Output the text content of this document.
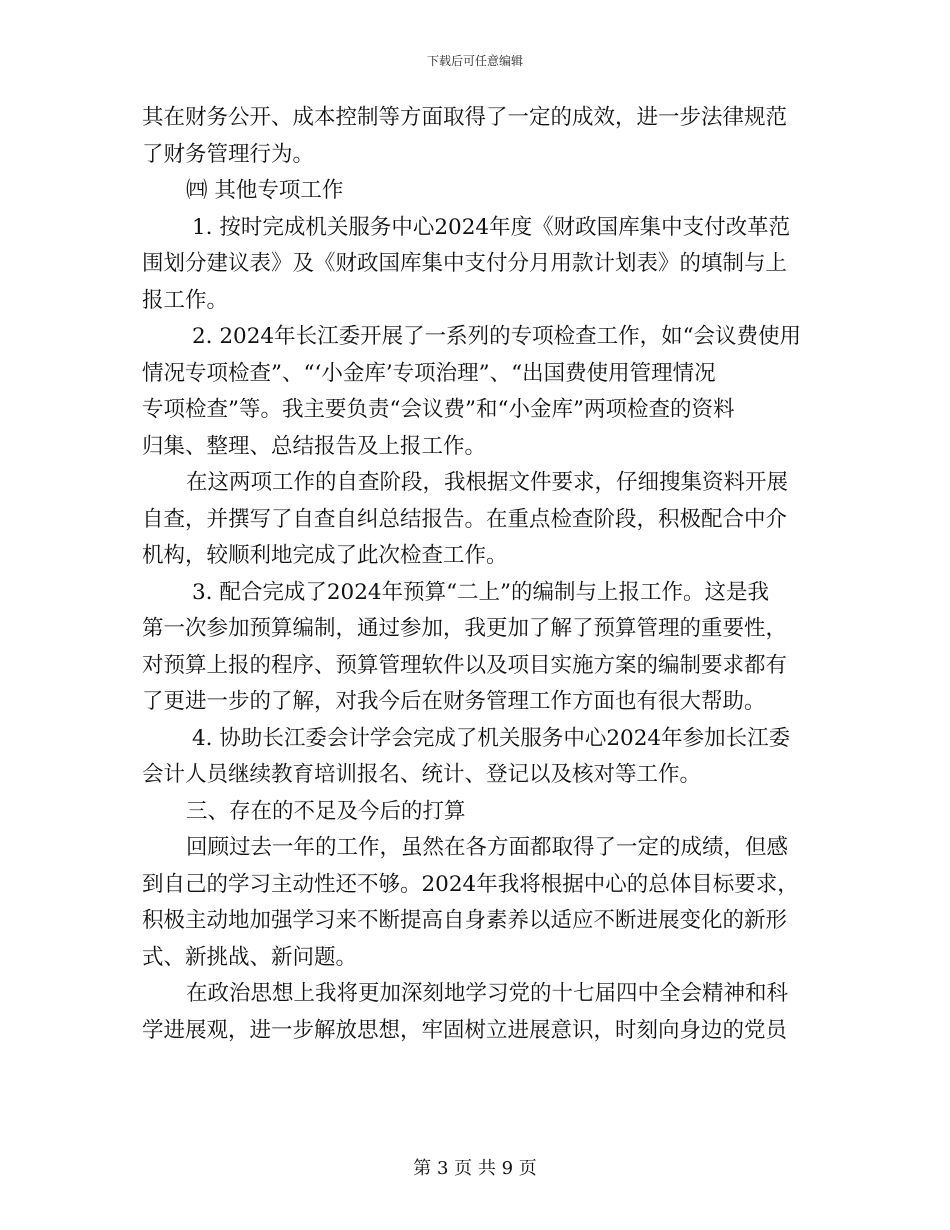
下载后可任意编辑
其在财务公开、成本控制等方面取得了一定的成效，进一步法律规范
了财务管理行为。
㈣ 其他专项工作
1. 按时完成机关服务中心2024年度《财政国库集中支付改革范
围划分建议表》及《财政国库集中支付分月用款计划表》的填制与上
报工作。
2. 2024年长江委开展了一系列的专项检查工作，如“会议费使用
情况专项检查”、“‘小金库’专项治理”、“出国费使用管理情况
专项检查”等。我主要负责“会议费”和“小金库”两项检查的资料
归集、整理、总结报告及上报工作。
在这两项工作的自查阶段，我根据文件要求，仔细搜集资料开展
自查，并撰写了自查自纠总结报告。在重点检查阶段，积极配合中介
机构，较顺利地完成了此次检查工作。
3. 配合完成了2024年预算“二上”的编制与上报工作。这是我
第一次参加预算编制，通过参加，我更加了解了预算管理的重要性，
对预算上报的程序、预算管理软件以及项目实施方案的编制要求都有
了更进一步的了解，对我今后在财务管理工作方面也有很大帮助。
4. 协助长江委会计学会完成了机关服务中心2024年参加长江委
会计人员继续教育培训报名、统计、登记以及核对等工作。
三、存在的不足及今后的打算
回顾过去一年的工作，虽然在各方面都取得了一定的成绩，但感
到自己的学习主动性还不够。2024年我将根据中心的总体目标要求，
积极主动地加强学习来不断提高自身素养以适应不断进展变化的新形
式、新挑战、新问题。
在政治思想上我将更加深刻地学习党的十七届四中全会精神和科
学进展观，进一步解放思想，牢固树立进展意识，时刻向身边的党员
第 3 页 共 9 页
